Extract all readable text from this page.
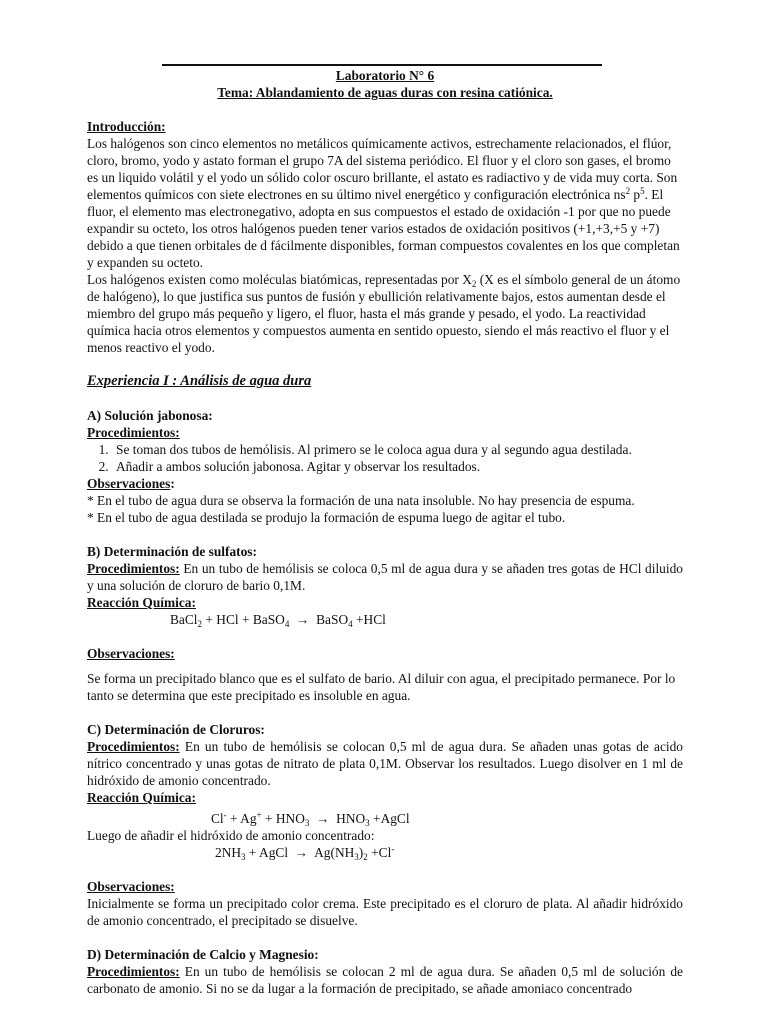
Laboratorio N° 6
Tema: Ablandamiento de aguas duras con resina catiónica.
Introducción:
Los halógenos son cinco elementos no metálicos químicamente activos, estrechamente relacionados, el flúor, cloro, bromo, yodo y astato forman el grupo 7A del sistema periódico. El fluor y el cloro son gases, el bromo es un liquido volátil y el yodo un sólido color oscuro brillante, el astato es radiactivo y de vida muy corta. Son elementos químicos con siete electrones en su último nivel energético y configuración electrónica $ns^2$ $p^5$. El fluor, el elemento mas electronegativo, adopta en sus compuestos el estado de oxidación -1 por que no puede expandir su octeto, los otros halógenos pueden tener varios estados de oxidación positivos (+1,+3,+5 y +7) debido a que tienen orbitales de d fácilmente disponibles, forman compuestos covalentes en los que completan y expanden su octeto.
Los halógenos existen como moléculas biatómicas, representadas por $X_2$ (X es el símbolo general de un átomo de halógeno), lo que justifica sus puntos de fusión y ebullición relativamente bajos, estos aumentan desde el miembro del grupo más pequeño y ligero, el fluor, hasta el más grande y pesado, el yodo. La reactividad química hacia otros elementos y compuestos aumenta en sentido opuesto, siendo el más reactivo el fluor y el menos reactivo el yodo.
Experiencia I : Análisis de agua dura
A) Solución jabonosa:
Procedimientos:
1. Se toman dos tubos de hemólisis. Al primero se le coloca agua dura y al segundo agua destilada.
2. Añadir a ambos solución jabonosa. Agitar y observar los resultados.
Observaciones:
* En el tubo de agua dura se observa la formación de una nata insoluble. No hay presencia de espuma.
* En el tubo de agua destilada se produjo la formación de espuma luego de agitar el tubo.
B) Determinación de sulfatos:
Procedimientos: En un tubo de hemólisis se coloca 0,5 ml de agua dura y se añaden tres gotas de HCl diluido y una solución de cloruro de bario 0,1M.
Reacción Química:
BaCl$_2$ + HCl + BaSO$_4$  →  BaSO$_4$ +HCl
Observaciones:
Se forma un precipitado blanco que es el sulfato de bario. Al diluir con agua, el precipitado permanece. Por lo tanto se determina que este precipitado es insoluble en agua.
C) Determinación de Cloruros:
Procedimientos: En un tubo de hemólisis se colocan 0,5 ml de agua dura. Se añaden unas gotas de acido nítrico concentrado y unas gotas de nitrato de plata 0,1M. Observar los resultados. Luego disolver en 1 ml de hidróxido de amonio concentrado.
Reacción Química:
$Cl^- + Ag^+ + HNO_3 \to HNO_3$ +AgCl
Luego de añadir el hidróxido de amonio concentrado:
$2NH_3$ + AgCl  →  $Ag(NH_3)_2 +Cl^-$
Observaciones:
Inicialmente se forma un precipitado color crema. Este precipitado es el cloruro de plata. Al añadir hidróxido de amonio concentrado, el precipitado se disuelve.
D) Determinación de Calcio y Magnesio:
Procedimientos: En un tubo de hemólisis se colocan 2 ml de agua dura. Se añaden 0,5 ml de solución de carbonato de amonio. Si no se da lugar a la formación de precipitado, se añade amoniaco concentrado
